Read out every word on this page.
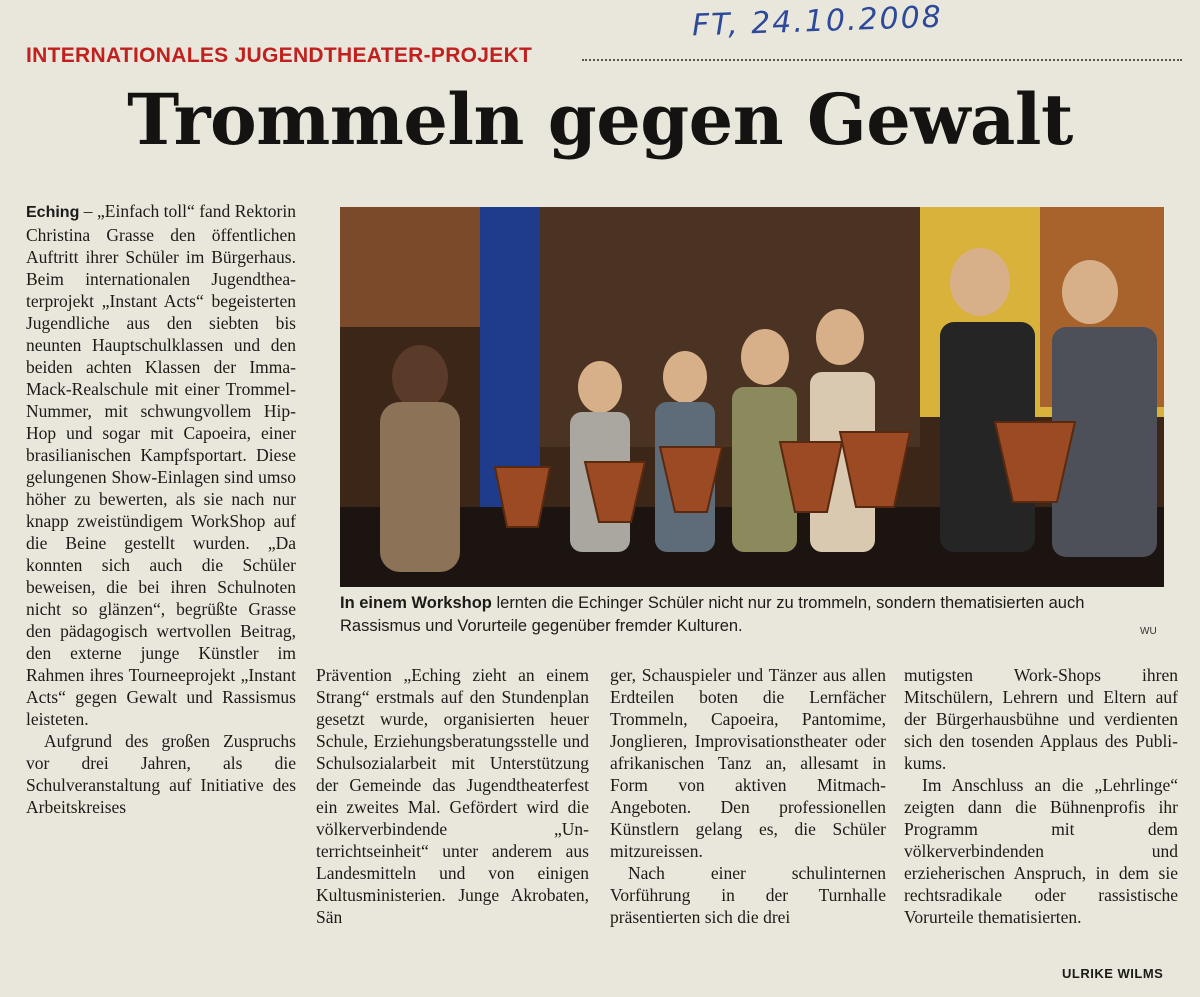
FT, 24.10.2008
INTERNATIONALES JUGENDTHEATER-PROJEKT
Trommeln gegen Gewalt

Eching – „Einfach toll“ fand Rektorin Christina Grasse den öffentlichen Auftritt ihrer Schüler im Bürgerhaus. Beim internationalen Jugendtheaterprojekt „Instant Acts“ begeisterten Jugendliche aus den siebten bis neunten Hauptschulklassen und den beiden achten Klassen der Imma-Mack-Realschule mit einer Trommel-Nummer, mit schwungvollem Hip-Hop und sogar mit Capoeira, einer brasilianischen Kampfsportart. Diese gelungenen Show-Einlagen sind umso höher zu bewerten, als sie nach nur knapp zweistündigem WorkShop auf die Beine gestellt wurden. „Da konnten sich auch die Schüler beweisen, die bei ihren Schulnoten nicht so glänzen“, begrüßte Grasse den pädagogisch wertvollen Beitrag, den externe junge Künstler im Rahmen ihres Tourneeprojekt „Instant Acts“ gegen Gewalt und Rassismus leisteten.

Aufgrund des großen Zuspruchs vor drei Jahren, als die Schulveranstaltung auf Initiative des Arbeitskreises

In einem Workshop lernten die Echinger Schüler nicht nur zu trommeln, sondern thematisierten auch Rassismus und Vorurteile gegenüber fremder Kulturen.	WU

Prävention „Eching zieht an einem Strang“ erstmals auf den Stundenplan gesetzt wurde, organisierten heuer Schule, Erziehungsberatungsstelle und Schulsozialarbeit mit Unterstützung der Gemeinde das Jugendtheaterfest ein zweites Mal. Gefördert wird die völkerverbindende „Unterrichtseinheit“ unter anderem aus Landesmitteln und von einigen Kultusministerien. Junge Akrobaten, Sän

ger, Schauspieler und Tänzer aus allen Erdteilen boten die Lernfächer Trommeln, Capoeira, Pantomime, Jonglieren, Improvisationstheater oder afrikanischen Tanz an, allesamt in Form von aktiven Mitmach-Angeboten. Den professionellen Künstlern gelang es, die Schüler mitzureissen.

Nach einer schulinternen Vorführung in der Turnhalle präsentierten sich die drei

mutigsten Work-Shops ihren Mitschülern, Lehrern und Eltern auf der Bürgerhausbühne und verdienten sich den tosenden Applaus des Publikums.

Im Anschluss an die „Lehrlinge“ zeigten dann die Bühnenprofis ihr Programm mit dem völkerverbindenden und erzieherischen Anspruch, in dem sie rechtsradikale oder rassistische Vorurteile thematisierten.

ULRIKE WILMS
